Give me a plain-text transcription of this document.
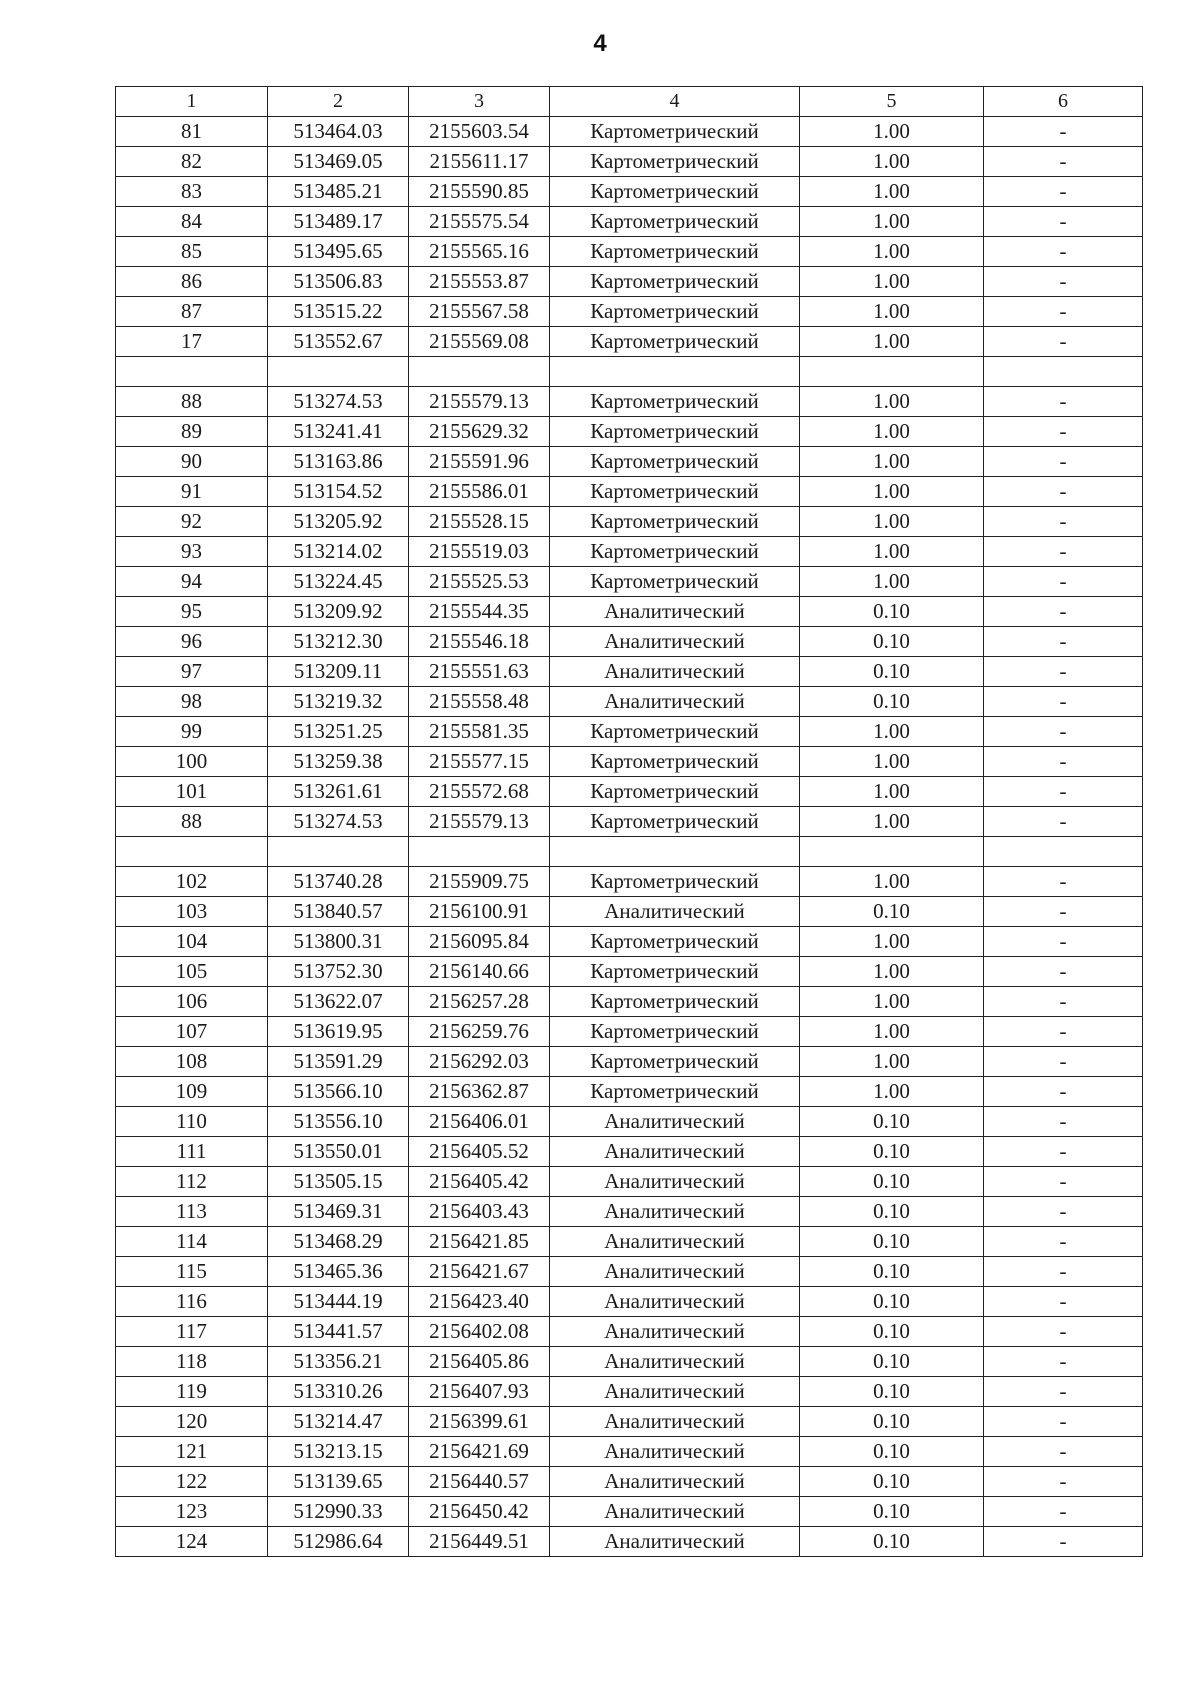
4
1	2	3	4	5	6
81	513464.03	2155603.54	Картометрический	1.00	-
82	513469.05	2155611.17	Картометрический	1.00	-
83	513485.21	2155590.85	Картометрический	1.00	-
84	513489.17	2155575.54	Картометрический	1.00	-
85	513495.65	2155565.16	Картометрический	1.00	-
86	513506.83	2155553.87	Картометрический	1.00	-
87	513515.22	2155567.58	Картометрический	1.00	-
17	513552.67	2155569.08	Картометрический	1.00	-

88	513274.53	2155579.13	Картометрический	1.00	-
89	513241.41	2155629.32	Картометрический	1.00	-
90	513163.86	2155591.96	Картометрический	1.00	-
91	513154.52	2155586.01	Картометрический	1.00	-
92	513205.92	2155528.15	Картометрический	1.00	-
93	513214.02	2155519.03	Картометрический	1.00	-
94	513224.45	2155525.53	Картометрический	1.00	-
95	513209.92	2155544.35	Аналитический	0.10	-
96	513212.30	2155546.18	Аналитический	0.10	-
97	513209.11	2155551.63	Аналитический	0.10	-
98	513219.32	2155558.48	Аналитический	0.10	-
99	513251.25	2155581.35	Картометрический	1.00	-
100	513259.38	2155577.15	Картометрический	1.00	-
101	513261.61	2155572.68	Картометрический	1.00	-
88	513274.53	2155579.13	Картометрический	1.00	-

102	513740.28	2155909.75	Картометрический	1.00	-
103	513840.57	2156100.91	Аналитический	0.10	-
104	513800.31	2156095.84	Картометрический	1.00	-
105	513752.30	2156140.66	Картометрический	1.00	-
106	513622.07	2156257.28	Картометрический	1.00	-
107	513619.95	2156259.76	Картометрический	1.00	-
108	513591.29	2156292.03	Картометрический	1.00	-
109	513566.10	2156362.87	Картометрический	1.00	-
110	513556.10	2156406.01	Аналитический	0.10	-
111	513550.01	2156405.52	Аналитический	0.10	-
112	513505.15	2156405.42	Аналитический	0.10	-
113	513469.31	2156403.43	Аналитический	0.10	-
114	513468.29	2156421.85	Аналитический	0.10	-
115	513465.36	2156421.67	Аналитический	0.10	-
116	513444.19	2156423.40	Аналитический	0.10	-
117	513441.57	2156402.08	Аналитический	0.10	-
118	513356.21	2156405.86	Аналитический	0.10	-
119	513310.26	2156407.93	Аналитический	0.10	-
120	513214.47	2156399.61	Аналитический	0.10	-
121	513213.15	2156421.69	Аналитический	0.10	-
122	513139.65	2156440.57	Аналитический	0.10	-
123	512990.33	2156450.42	Аналитический	0.10	-
124	512986.64	2156449.51	Аналитический	0.10	-
